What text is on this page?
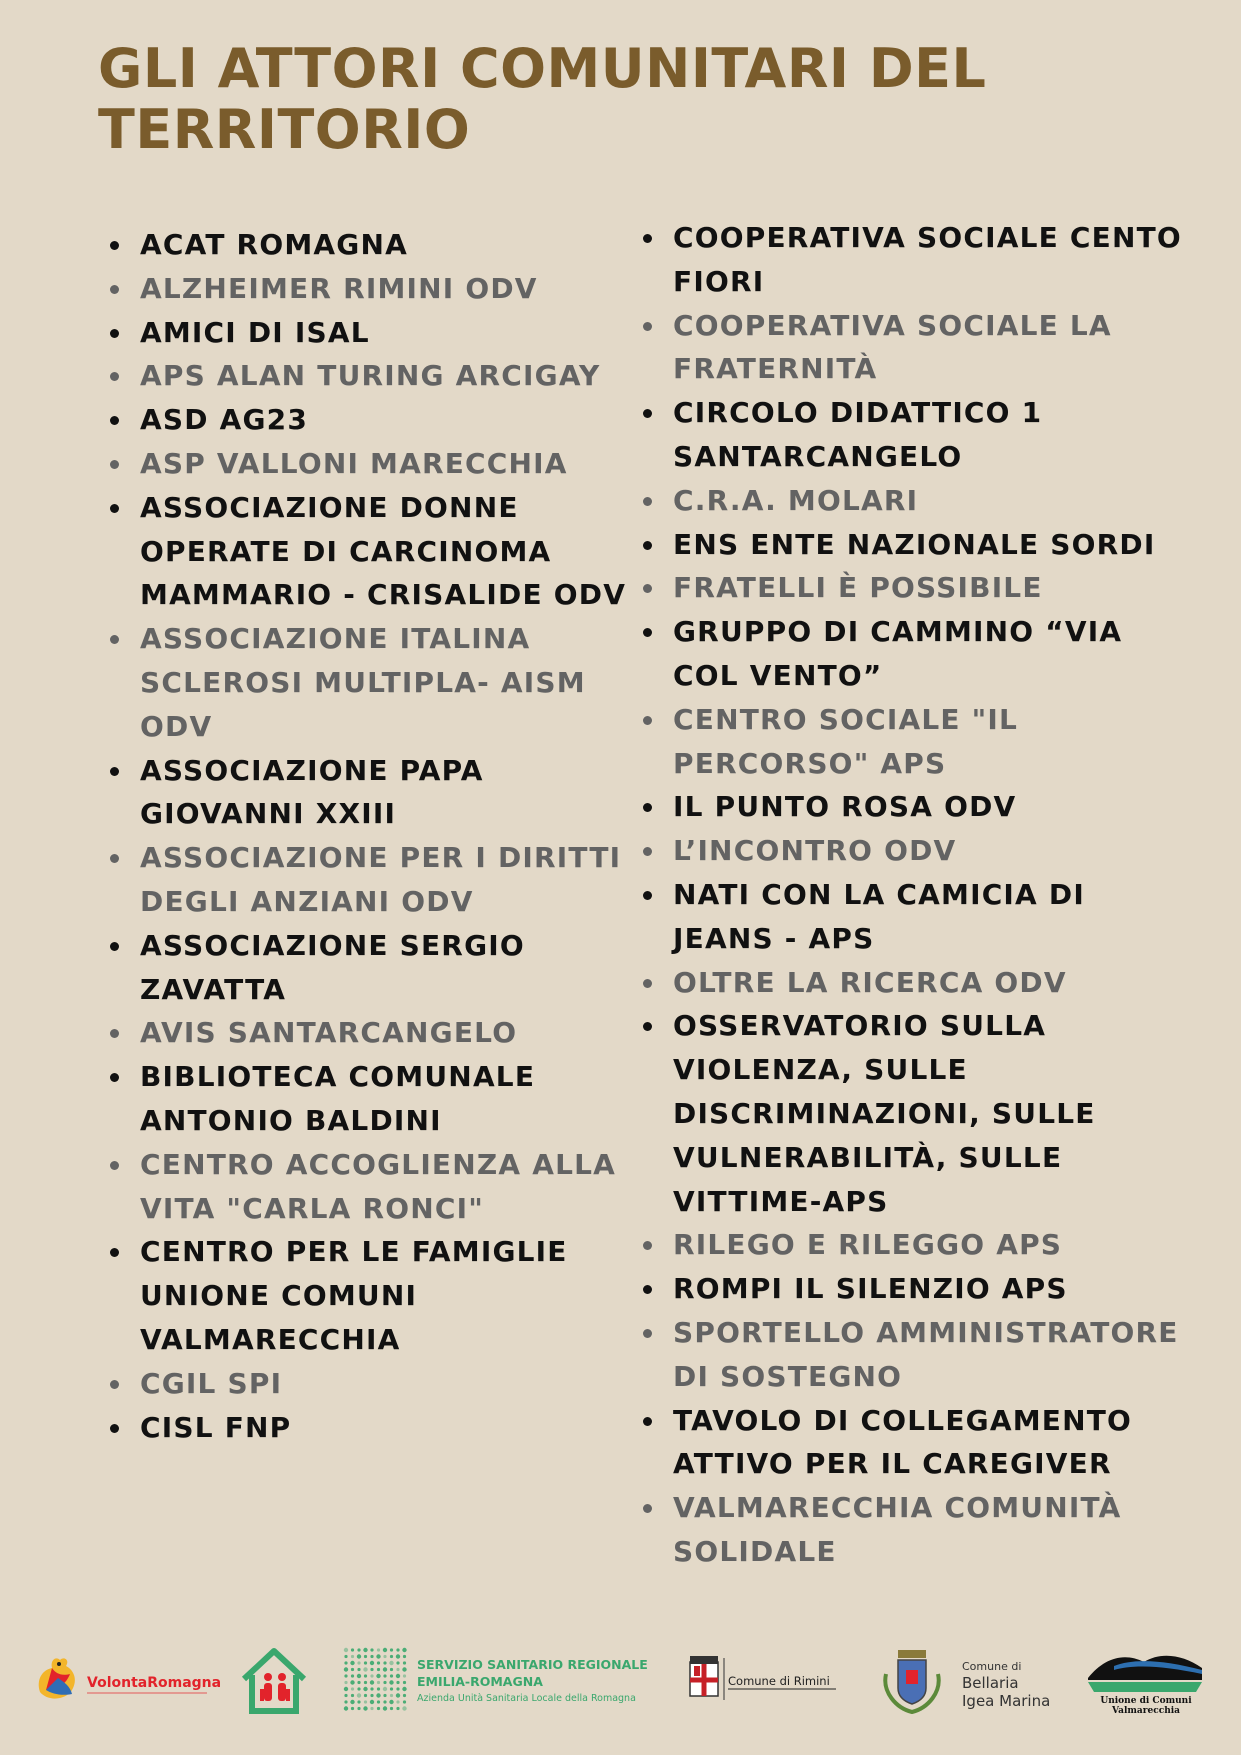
GLI ATTORI COMUNITARI DEL TERRITORIO
ACAT ROMAGNA
ALZHEIMER RIMINI ODV
AMICI DI ISAL
APS ALAN TURING ARCIGAY
ASD AG23
ASP VALLONI MARECCHIA
ASSOCIAZIONE DONNE OPERATE DI CARCINOMA MAMMARIO - CRISALIDE ODV
ASSOCIAZIONE ITALINA SCLEROSI MULTIPLA- AISM ODV
ASSOCIAZIONE PAPA GIOVANNI XXIII
ASSOCIAZIONE PER I DIRITTI DEGLI ANZIANI ODV
ASSOCIAZIONE SERGIO ZAVATTA
AVIS SANTARCANGELO
BIBLIOTECA COMUNALE ANTONIO BALDINI
CENTRO ACCOGLIENZA ALLA VITA "CARLA RONCI"
CENTRO PER LE FAMIGLIE UNIONE COMUNI VALMARECCHIA
CGIL SPI
CISL FNP
COOPERATIVA SOCIALE CENTO FIORI
COOPERATIVA SOCIALE LA FRATERNITÀ
CIRCOLO DIDATTICO 1 SANTARCANGELO
C.R.A. MOLARI
ENS ENTE NAZIONALE SORDI
FRATELLI È POSSIBILE
GRUPPO DI CAMMINO “VIA COL VENTO”
CENTRO SOCIALE "IL PERCORSO" APS
IL PUNTO ROSA ODV
L’INCONTRO ODV
NATI CON LA CAMICIA DI JEANS - APS
OLTRE LA RICERCA ODV
OSSERVATORIO SULLA VIOLENZA, SULLE DISCRIMINAZIONI, SULLE VULNERABILITÀ, SULLE VITTIME-APS
RILEGO E RILEGGO APS
ROMPI IL SILENZIO APS
SPORTELLO AMMINISTRATORE DI SOSTEGNO
TAVOLO DI COLLEGAMENTO ATTIVO PER IL CAREGIVER
VALMARECCHIA COMUNITÀ SOLIDALE
VolontaRomagna
SERVIZIO SANITARIO REGIONALE
EMILIA-ROMAGNA
Azienda Unità Sanitaria Locale della Romagna
Comune di Rimini
Comune di
Bellaria
Igea Marina	Unione di Comuni
Valmarecchia
